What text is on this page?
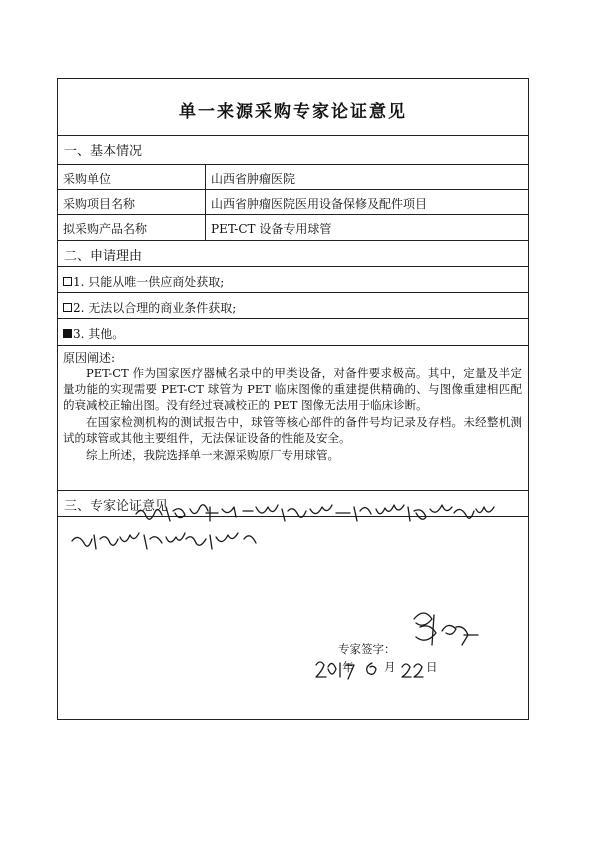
单一来源采购专家论证意见
一、基本情况
采购单位	山西省肿瘤医院
采购项目名称	山西省肿瘤医院医用设备保修及配件项目
拟采购产品名称	PET-CT 设备专用球管
二、申请理由
1. 只能从唯一供应商处获取;
2. 无法以合理的商业条件获取;
3. 其他。
原因阐述:
PET-CT 作为国家医疗器械名录中的甲类设备，对备件要求极高。其中，定量及半定量功能的实现需要 PET-CT 球管为 PET 临床图像的重建提供精确的、与图像重建相匹配的衰减校正输出图。没有经过衰减校正的 PET 图像无法用于临床诊断。
在国家检测机构的测试报告中，球管等核心部件的备件号均记录及存档。未经整机测试的球管或其他主要组件，无法保证设备的性能及安全。
综上所述，我院选择单一来源采购原厂专用球管。
三、专家论证意见
专家签字：
年	月	日
